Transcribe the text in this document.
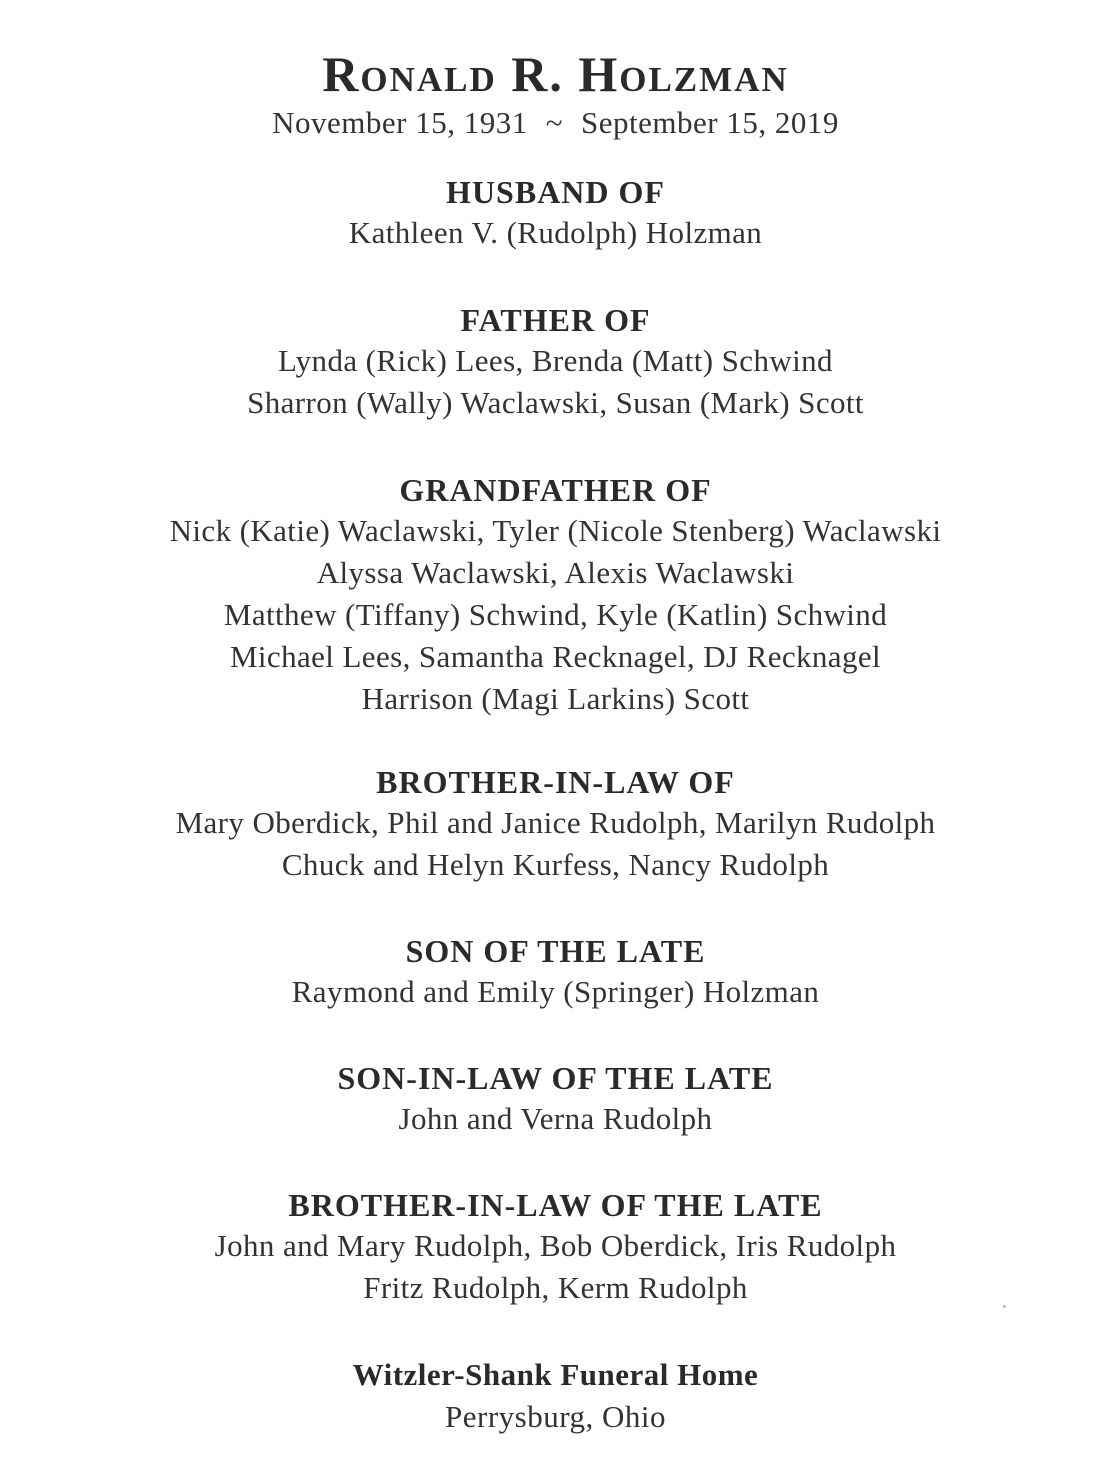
Ronald R. Holzman
November 15, 1931 ~ September 15, 2019
HUSBAND OF
Kathleen V. (Rudolph) Holzman
FATHER OF
Lynda (Rick) Lees, Brenda (Matt) Schwind
Sharron (Wally) Waclawski, Susan (Mark) Scott
GRANDFATHER OF
Nick (Katie) Waclawski, Tyler (Nicole Stenberg) Waclawski
Alyssa Waclawski, Alexis Waclawski
Matthew (Tiffany) Schwind, Kyle (Katlin) Schwind
Michael Lees, Samantha Recknagel, DJ Recknagel
Harrison (Magi Larkins) Scott
BROTHER-IN-LAW OF
Mary Oberdick, Phil and Janice Rudolph, Marilyn Rudolph
Chuck and Helyn Kurfess, Nancy Rudolph
SON OF THE LATE
Raymond and Emily (Springer) Holzman
SON-IN-LAW OF THE LATE
John and Verna Rudolph
BROTHER-IN-LAW OF THE LATE
John and Mary Rudolph, Bob Oberdick, Iris Rudolph
Fritz Rudolph, Kerm Rudolph
Witzler-Shank Funeral Home
Perrysburg, Ohio
